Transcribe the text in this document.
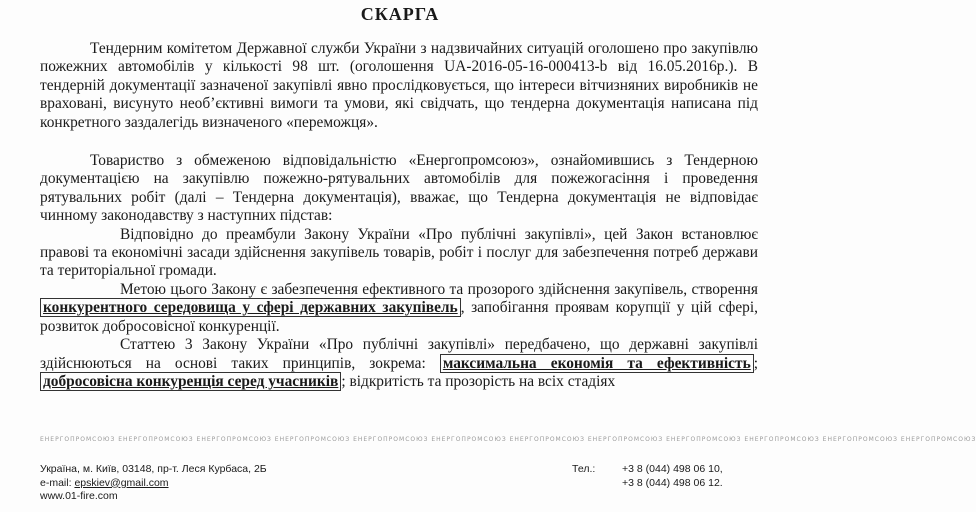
СКАРГА

Тендерним комітетом Державної служби України з надзвичайних ситуацій оголошено про закупівлю пожежних автомобілів у кількості 98 шт. (оголошення UA-2016-05-16-000413-b від 16.05.2016р.). В тендерній документації зазначеної закупівлі явно прослідковується, що інтереси вітчизняних виробників не враховані, висунуто необ’єктивні вимоги та умови, які свідчать, що тендерна документація написана під конкретного заздалегідь визначеного «переможця».

Товариство з обмеженою відповідальністю «Енергопромсоюз», ознайомившись з Тендерною документацією на закупівлю пожежно-рятувальних автомобілів для пожежогасіння і проведення рятувальних робіт (далі – Тендерна документація), вважає, що Тендерна документація не відповідає чинному законодавству з наступних підстав:

Відповідно до преамбули Закону України «Про публічні закупівлі», цей Закон встановлює правові та економічні засади здійснення закупівель товарів, робіт і послуг для забезпечення потреб держави та територіальної громади.

Метою цього Закону є забезпечення ефективного та прозорого здійснення закупівель, створення конкурентного середовища у сфері державних закупівель , запобігання проявам корупції у цій сфері, розвиток добросовісної конкуренції.

Статтею 3 Закону України «Про публічні закупівлі» передбачено, що державні закупівлі здійснюються на основі таких принципів, зокрема: максимальна економія та ефективність ; добросовісна конкуренція серед учасників ; відкритість та прозорість на всіх стадіях

ЕНЕРГОПРОМСОЮЗ ЕНЕРГОПРОМСОЮЗ ЕНЕРГОПРОМСОЮЗ ЕНЕРГОПРОМСОЮЗ ЕНЕРГОПРОМСОЮЗ ЕНЕРГОПРОМСОЮЗ ЕНЕРГОПРОМСОЮЗ ЕНЕРГОПРОМСОЮЗ ЕНЕРГОПРОМСОЮЗ ЕНЕРГОПРОМСОЮЗ ЕНЕРГОПРОМСОЮЗ ЕНЕРГОПРОМСОЮЗ
Україна, м. Київ, 03148, пр-т. Леся Курбаса, 2Б
e-mail: epskiev@gmail.com
www.01-fire.com
Тел.:	+3 8 (044) 498 06 10,
+3 8 (044) 498 06 12.
